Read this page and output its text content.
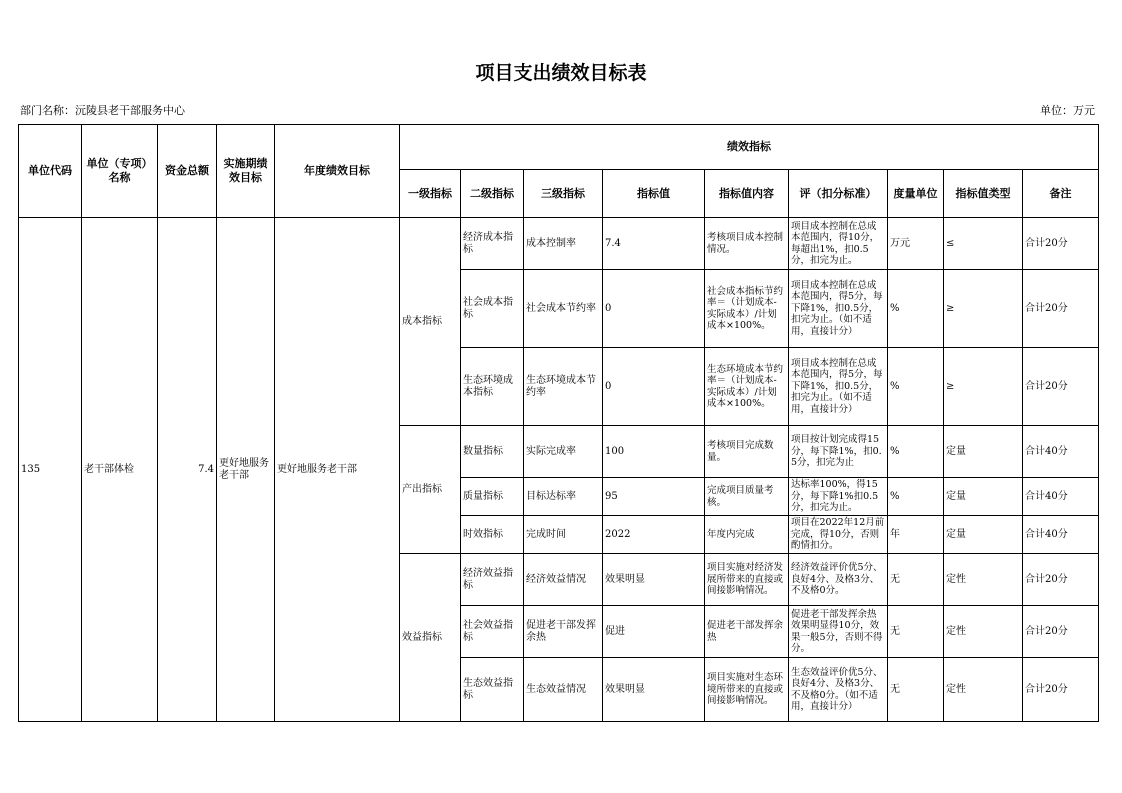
项目支出绩效目标表
部门名称：沅陵县老干部服务中心	单位：万元
单位代码	单位（专项）名称	资金总额	实施期绩效目标	年度绩效目标	绩效指标								
					一级指标	二级指标	三级指标	指标值	指标值内容	评（扣分标准）	度量单位	指标值类型	备注
135	老干部体检	7.4	更好地服务老干部	更好地服务老干部	成本指标	经济成本指标	成本控制率	7.4	考核项目成本控制情况。	项目成本控制在总成本范围内，得10分，每超出1%，扣0.5分，扣完为止。	万元	≤	合计20分
						社会成本指标	社会成本节约率	0	社会成本指标节约率＝（计划成本-实际成本）/计划成本×100%。	项目成本控制在总成本范围内，得5分，每下降1%，扣0.5分，扣完为止。（如不适用，直接计分）	%	≥	合计20分
						生态环境成本指标	生态环境成本节约率	0	生态环境成本节约率＝（计划成本-实际成本）/计划成本×100%。	项目成本控制在总成本范围内，得5分，每下降1%，扣0.5分，扣完为止。（如不适用，直接计分）	%	≥	合计20分
					产出指标	数量指标	实际完成率	100	考核项目完成数量。	项目按计划完成得15分，每下降1%，扣0.5分，扣完为止	%	定量	合计40分
						质量指标	目标达标率	95	完成项目质量考核。	达标率100%，得15分，每下降1%扣0.5分，扣完为止。	%	定量	合计40分
						时效指标	完成时间	2022	年度内完成	项目在2022年12月前完成，得10分，否则酌情扣分。	年	定量	合计40分
					效益指标	经济效益指标	经济效益情况	效果明显	项目实施对经济发展所带来的直接或间接影响情况。	经济效益评价优5分、良好4分、及格3分、不及格0分。	无	定性	合计20分
						社会效益指标	促进老干部发挥余热	促进	促进老干部发挥余热	促进老干部发挥余热效果明显得10分，效果一般5分，否则不得分。	无	定性	合计20分
						生态效益指标	生态效益情况	效果明显	项目实施对生态环境所带来的直接或间接影响情况。	生态效益评价优5分、良好4分、及格3分、不及格0分。（如不适用，直接计分）	无	定性	合计20分
